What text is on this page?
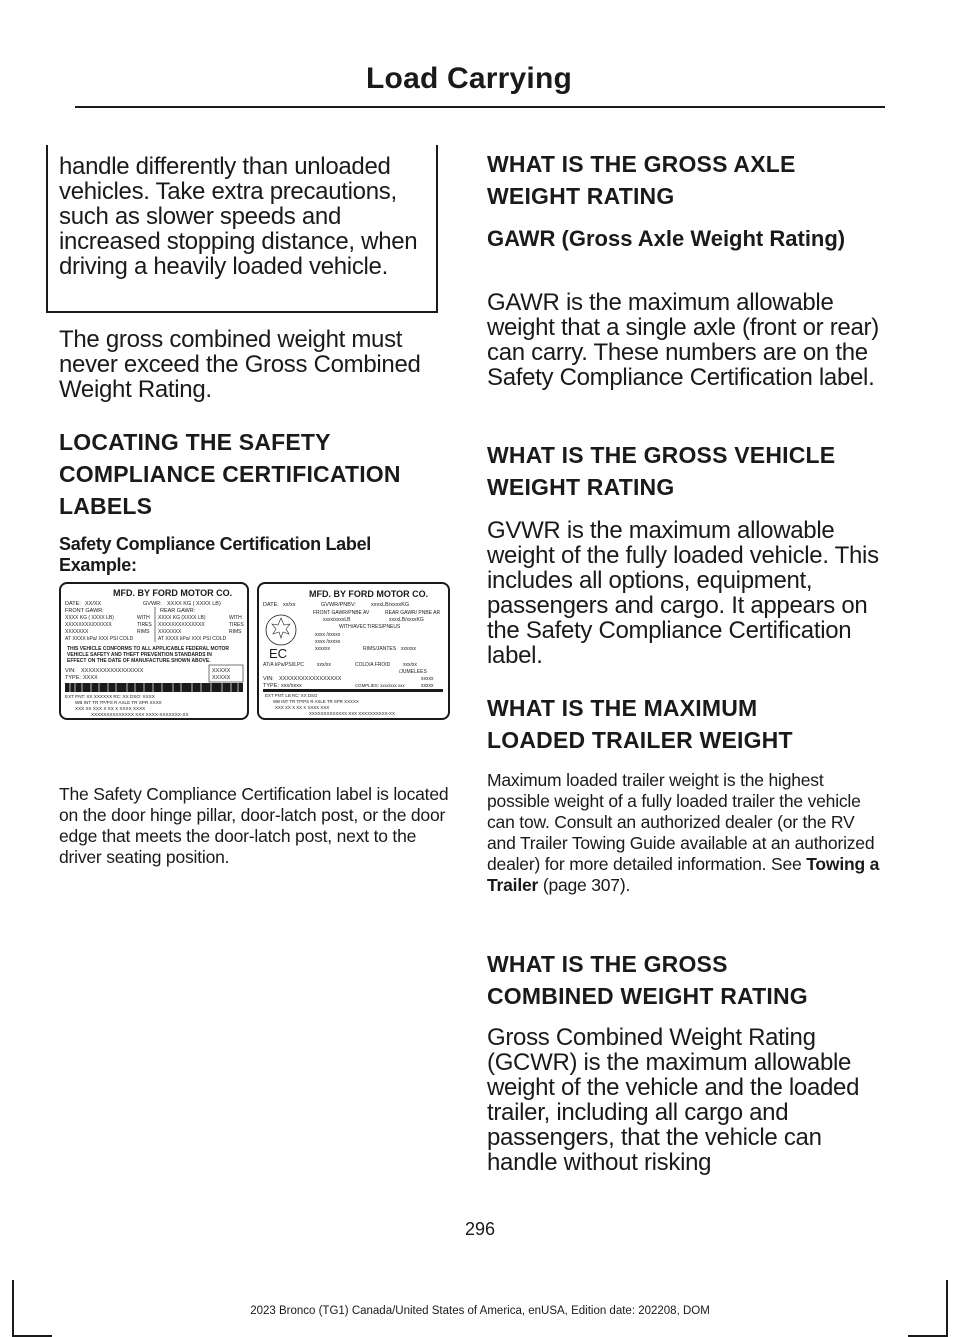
Load Carrying

handle differently than unloaded vehicles. Take extra precautions, such as slower speeds and increased stopping distance, when driving a heavily loaded vehicle.

The gross combined weight must never exceed the Gross Combined Weight Rating.

LOCATING THE SAFETY

COMPLIANCE CERTIFICATION

LABELS

Safety Compliance Certification Label Example:

MFD. BY FORD MOTOR CO.
DATE: XX/XX	GVWR: XXXX KG ( XXXX LB)
FRONT GAWR:	REAR GAWR:
XXXX KG ( XXXX LB)	XXXX KG (XXXX LB)
WITH	WITH
XXXXXXXXXXXXXX	XXXXXXXXXXXXXX
TIRES	TIRES
XXXXXXX	XXXXXXX
RIMS	RIMS
AT XXXX kPa/ XXX PSI COLD	AT XXXX kPa/ XXX PSI COLD
THIS VEHICLE CONFORMS TO ALL APPLICABLE FEDERAL MOTOR
VEHICLE SAFETY AND THEFT PREVENTION STANDARDS IN
EFFECT ON THE DATE OF MANUFACTURE SHOWN ABOVE.
VIN: XXXXXXXXXXXXXXXXX
TYPE: XXXX
XXXXX
XXXXX
EXT PNT: XX XXXXXX RC: XX DSO: XXXX
WB INT TR TP/PS R AXLE TR SPR XXXX
XXX XX XXX X XX X XXXX XXXX
XXXXXXXXXXXXXX XXX XXXX-XXXXXXX-XX
MFD. BY FORD MOTOR CO.
DATE: xx/xx	GVWR/PNBV:	xxxxLB/xxxxKG
FRONT GAWR/PNBE AV	REAR GAWR/ PNBE AR
xxxx/xxxxLB	xxxxLB/xxxxKG
WITH/AVEC TIRES/PNEUS
EC
xxxx /xxxxx
xxxx /xxxxx
xxxxxx	RIMS/JANTES xxxxxx
AT/A kPa/PSI/LPC	xxx/xx	COLD/A FROID	xxx/xx
/JUMELEES
VIN: XXXXXXXXXXXXXXXXX
TYPE: xxx/xxxx	COMPLIES: xxxx/xxx xxx
xxxxx
xxxxx
EXT PNT: LB RC: XX DSO
WB INT TR TP/PS R AXLE TR SPR XXXXX
XXX XX X XX X XXXX XXX
XXXXXXXXXXXXX XXX XXXXXXXXXX-XX

The Safety Compliance Certification label is located on the door hinge pillar, door-latch post, or the door edge that meets the door-latch post, next to the driver seating position.

WHAT IS THE GROSS AXLE

WEIGHT RATING

GAWR (Gross Axle Weight Rating)

GAWR is the maximum allowable weight that a single axle (front or rear) can carry. These numbers are on the Safety Compliance Certification label.

WHAT IS THE GROSS VEHICLE

WEIGHT RATING

GVWR is the maximum allowable weight of the fully loaded vehicle. This includes all options, equipment, passengers and cargo. It appears on the Safety Compliance Certification label.

WHAT IS THE MAXIMUM

LOADED TRAILER WEIGHT

Maximum loaded trailer weight is the highest possible weight of a fully loaded trailer the vehicle can tow. Consult an authorized dealer (or the RV and Trailer Towing Guide available at an authorized dealer) for more detailed information. See Towing a Trailer (page 307).

WHAT IS THE GROSS

COMBINED WEIGHT RATING

Gross Combined Weight Rating (GCWR) is the maximum allowable weight of the vehicle and the loaded trailer, including all cargo and passengers, that the vehicle can handle without risking

296
2023 Bronco (TG1) Canada/United States of America, enUSA, Edition date: 202208, DOM
